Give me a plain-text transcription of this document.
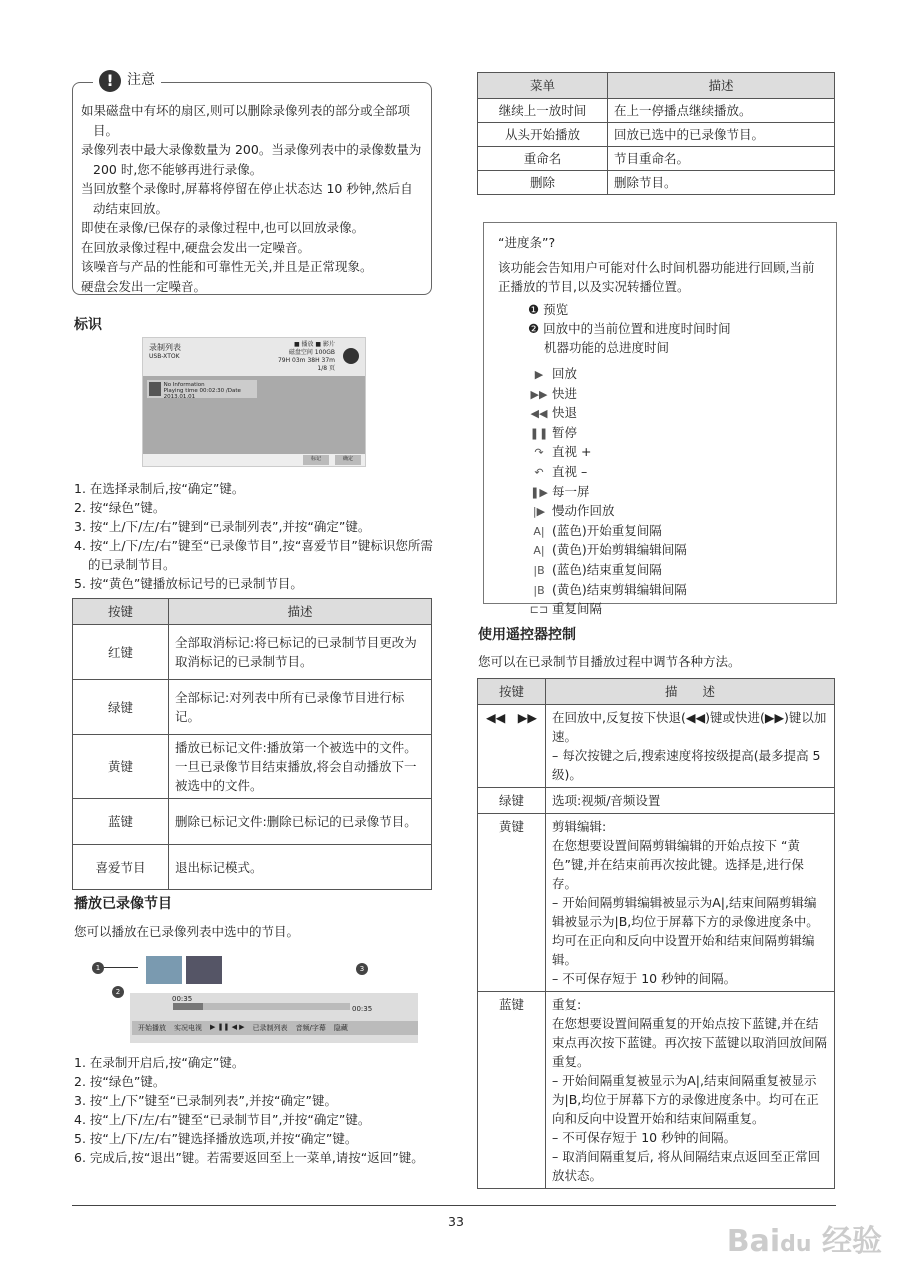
! 注意
如果磁盘中有坏的扇区,则可以删除录像列表的部分或全部项目。
录像列表中最大录像数量为 200。当录像列表中的录像数量为 200 时,您不能够再进行录像。
当回放整个录像时,屏幕将停留在停止状态达 10 秒钟,然后自动结束回放。
即使在录像/已保存的录像过程中,也可以回放录像。
在回放录像过程中,硬盘会发出一定噪音。
该噪音与产品的性能和可靠性无关,并且是正常现象。
硬盘会发出一定噪音。
标识
录制列表
USB-XTOK
■ 播放 ■ 影片
磁盘空间 100GB
79H 03m 38H 37m
1/8 页
No Information
Playing time 00:02:30 /Date 2013.01.01
标记	确定
1. 在选择录制后,按“确定”键。
2. 按“绿色”键。
3. 按“上/下/左/右”键到“已录制列表”,并按“确定”键。
4. 按“上/下/左/右”键至“已录像节目”,按“喜爱节目”键标识您所需的已录制节目。
5. 按“黄色”键播放标记号的已录制节目。
按键	描述
红键	全部取消标记:将已标记的已录制节目更改为取消标记的已录制节目。
绿键	全部标记:对列表中所有已录像节目进行标记。
黄键	播放已标记文件:播放第一个被选中的文件。一旦已录像节目结束播放,将会自动播放下一被选中的文件。
蓝键	删除已标记文件:删除已标记的已录像节目。
喜爱节目	退出标记模式。
播放已录像节目
您可以播放在已录像列表中选中的节目。
1
2
3
00:35
00:35
开始播放 实况电视 ▶ ❚❚ ◀ ▶ 已录制列表 音频/字幕 隐藏
1. 在录制开启后,按“确定”键。
2. 按“绿色”键。
3. 按“上/下”键至“已录制列表”,并按“确定”键。
4. 按“上/下/左/右”键至“已录制节目”,并按“确定”键。
5. 按“上/下/左/右”键选择播放选项,并按“确定”键。
6. 完成后,按“退出”键。若需要返回至上一菜单,请按“返回”键。
菜单	描述
继续上一放时间	在上一停播点继续播放。
从头开始播放	回放已选中的已录像节目。
重命名	节目重命名。
删除	删除节目。
“进度条”?
该功能会告知用户可能对什么时间机器功能进行回顾,当前正播放的节目,以及实况转播位置。
❶ 预览
❷ 回放中的当前位置和进度时间时间
机器功能的总进度时间
▶ 回放
▶▶ 快进
◀◀ 快退
❚❚ 暂停
↷ 直视 +
↶ 直视 –
❚▶ 每一屏
|▶ 慢动作回放
A| (蓝色)开始重复间隔
A| (黄色)开始剪辑编辑间隔
|B (蓝色)结束重复间隔
|B (黄色)结束剪辑编辑间隔
⊏⊐ 重复间隔
使用遥控器控制
您可以在已录制节目播放过程中调节各种方法。
按键	描　　述
◀◀　▶▶	在回放中,反复按下快退(◀◀)键或快进(▶▶)键以加速。
– 每次按键之后,搜索速度将按级提高(最多提高 5 级)。

绿键	选项:视频/音频设置

黄键	剪辑编辑:
在您想要设置间隔剪辑编辑的开始点按下 “黄色”键,并在结束前再次按此键。选择是,进行保存。
– 开始间隔剪辑编辑被显示为A|,结束间隔剪辑编辑被显示为|B,均位于屏幕下方的录像进度条中。均可在正向和反向中设置开始和结束间隔剪辑编辑。
– 不可保存短于 10 秒钟的间隔。

蓝键	重复:
在您想要设置间隔重复的开始点按下蓝键,并在结束点再次按下蓝键。再次按下蓝键以取消回放间隔重复。
– 开始间隔重复被显示为A|,结束间隔重复被显示为|B,均位于屏幕下方的录像进度条中。均可在正向和反向中设置开始和结束间隔重复。
– 不可保存短于 10 秒钟的间隔。
– 取消间隔重复后, 将从间隔结束点返回至正常回放状态。
33
Baidu 经验
